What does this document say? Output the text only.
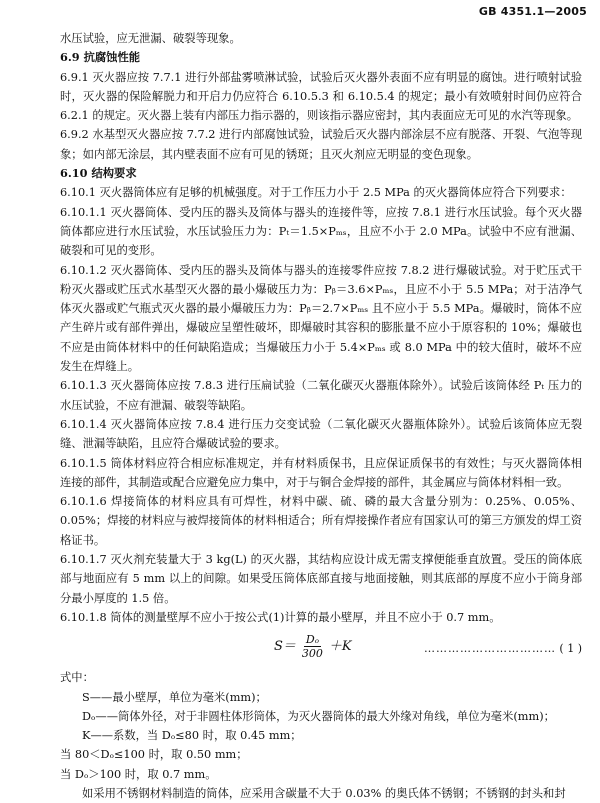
GB 4351.1—2005

水压试验，应无泄漏、破裂等现象。

6.9 抗腐蚀性能

6.9.1 灭火器应按 7.7.1 进行外部盐雾喷淋试验，试验后灭火器外表面不应有明显的腐蚀。进行喷射试验时，灭火器的保险解脱力和开启力仍应符合 6.10.5.3 和 6.10.5.4 的规定；最小有效喷射时间仍应符合 6.2.1 的规定。灭火器上装有内部压力指示器的，则该指示器应密封，其内表面应无可见的水汽等现象。

6.9.2 水基型灭火器应按 7.7.2 进行内部腐蚀试验，试验后灭火器内部涂层不应有脱落、开裂、气泡等现象；如内部无涂层，其内壁表面不应有可见的锈斑；且灭火剂应无明显的变色现象。

6.10 结构要求

6.10.1 灭火器筒体应有足够的机械强度。对于工作压力小于 2.5 MPa 的灭火器筒体应符合下列要求：

6.10.1.1 灭火器筒体、受内压的器头及筒体与器头的连接件等，应按 7.8.1 进行水压试验。每个灭火器筒体都应进行水压试验，水压试验压力为：Pₜ＝1.5×Pₘₛ，且应不小于 2.0 MPa。试验中不应有泄漏、破裂和可见的变形。

6.10.1.2 灭火器筒体、受内压的器头及筒体与器头的连接零件应按 7.8.2 进行爆破试验。对于贮压式干粉灭火器或贮压式水基型灭火器的最小爆破压力为：Pᵦ＝3.6×Pₘₛ，且应不小于 5.5 MPa；对于洁净气体灭火器或贮气瓶式灭火器的最小爆破压力为：Pᵦ＝2.7×Pₘₛ 且不应小于 5.5 MPa。爆破时，筒体不应产生碎片或有部件弹出，爆破应呈塑性破坏，即爆破时其容积的膨胀量不应小于原容积的 10%；爆破也不应是由筒体材料中的任何缺陷造成；当爆破压力小于 5.4×Pₘₛ 或 8.0 MPa 中的较大值时，破坏不应发生在焊缝上。

6.10.1.3 灭火器筒体应按 7.8.3 进行压扁试验（二氧化碳灭火器瓶体除外）。试验后该筒体经 Pₜ 压力的水压试验，不应有泄漏、破裂等缺陷。

6.10.1.4 灭火器筒体应按 7.8.4 进行压力交变试验（二氧化碳灭火器瓶体除外）。试验后该筒体应无裂缝、泄漏等缺陷，且应符合爆破试验的要求。

6.10.1.5 筒体材料应符合相应标准规定，并有材料质保书，且应保证质保书的有效性；与灭火器筒体相连接的部件，其制造或配合应避免应力集中，对于与铜合金焊接的部件，其金属应与筒体材料相一致。

6.10.1.6 焊接筒体的材料应具有可焊性，材料中碳、硫、磷的最大含量分别为：0.25%、0.05%、0.05%；焊接的材料应与被焊接筒体的材料相适合；所有焊接操作者应有国家认可的第三方颁发的焊工资格证书。

6.10.1.7 灭火剂充装量大于 3 kg(L) 的灭火器，其结构应设计成无需支撑便能垂直放置。受压的筒体底部与地面应有 5 mm 以上的间隙。如果受压筒体底部直接与地面接触，则其底部的厚度不应小于筒身部分最小厚度的 1.5 倍。

6.10.1.8 筒体的测量壁厚不应小于按公式(1)计算的最小壁厚，并且不应小于 0.7 mm。

$S= \frac{\text{Dₒ}}{300} +K$	…………………………… ( 1 )

式中：

S——最小壁厚，单位为毫米(mm)；

Dₒ——筒体外径，对于非圆柱体形筒体，为灭火器筒体的最大外缘对角线，单位为毫米(mm)；

K——系数，当 Dₒ≤80 时，取 0.45 mm；

当 80＜Dₒ≤100 时，取 0.50 mm；

当 Dₒ＞100 时，取 0.7 mm。

如采用不锈钢材料制造的筒体，应采用含碳量不大于 0.03% 的奥氏体不锈钢；不锈钢的封头和封
